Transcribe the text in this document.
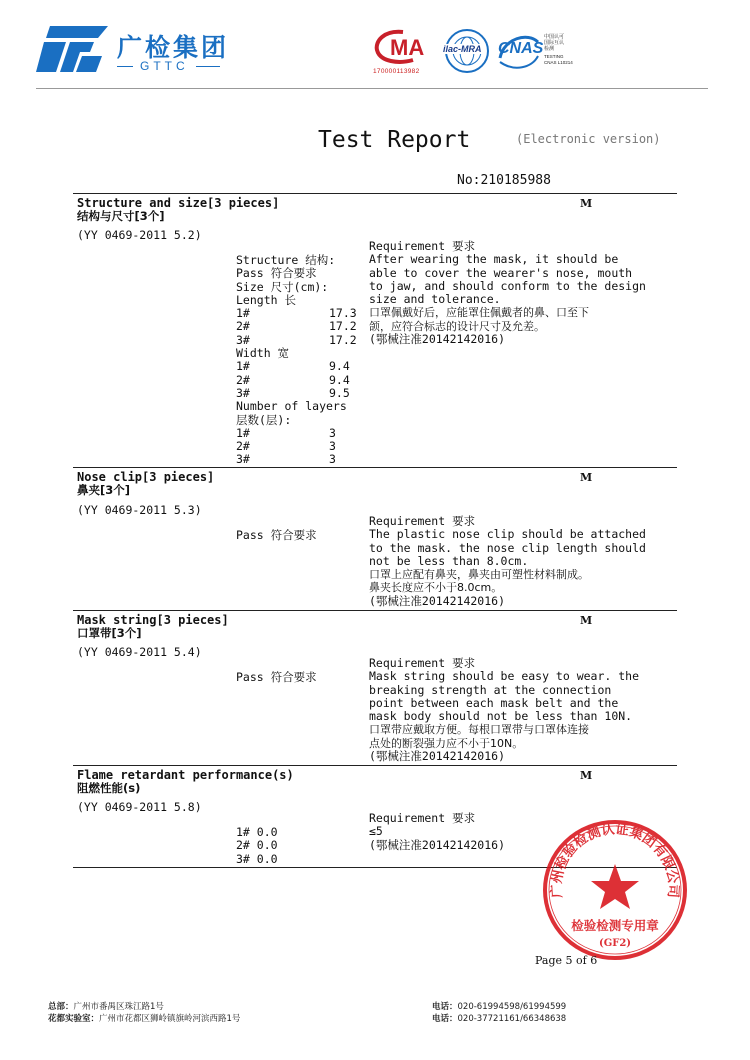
广检集团
GTTC
MA
170000113982
ilac-MRA CNAS
中国认可
国际互认
检测
TESTING
CNAS L10214
Test Report	(Electronic version)
No:210185988
Structure and size[3 pieces]
结构与尺寸[3个]
M
(YY 0469-2011 5.2)
Structure 结构:
Pass 符合要求
Size 尺寸(cm):
Length 长
1#	17.3
2#	17.2
3#	17.2
Width 宽
1#	9.4
2#	9.4
3#	9.5
Number of layers
层数(层):
1#	3
2#	3
3#	3
Requirement 要求
After wearing the mask, it should be
able to cover the wearer's nose, mouth
to jaw, and should conform to the design
size and tolerance.
口罩佩戴好后，应能罩住佩戴者的鼻、口至下
颌，应符合标志的设计尺寸及允差。
(鄂械注准20142142016)
Nose clip[3 pieces]
鼻夹[3个]
M
(YY 0469-2011 5.3)
Pass 符合要求
Requirement 要求
The plastic nose clip should be attached
to the mask. the nose clip length should
not be less than 8.0cm.
口罩上应配有鼻夹，鼻夹由可塑性材料制成。
鼻夹长度应不小于8.0cm。
(鄂械注准20142142016)
Mask string[3 pieces]
口罩带[3个]
M
(YY 0469-2011 5.4)
Pass 符合要求
Requirement 要求
Mask string should be easy to wear. the
breaking strength at the connection
point between each mask belt and the
mask body should not be less than 10N.
口罩带应戴取方便。每根口罩带与口罩体连接
点处的断裂强力应不小于10N。
(鄂械注准20142142016)
Flame retardant performance(s)
阻燃性能(s)
M
(YY 0469-2011 5.8)
1# 0.0
2# 0.0
3# 0.0
Requirement 要求
≤5
(鄂械注准20142142016)
广州检验检测认证集团有限公司
检验检测专用章
(GF2)
Page 5 of 6
总部：广州市番禺区珠江路1号
花都实验室：广州市花都区狮岭镇旗岭河滨西路1号
电话：020-61994598/61994599
电话：020-37721161/66348638
